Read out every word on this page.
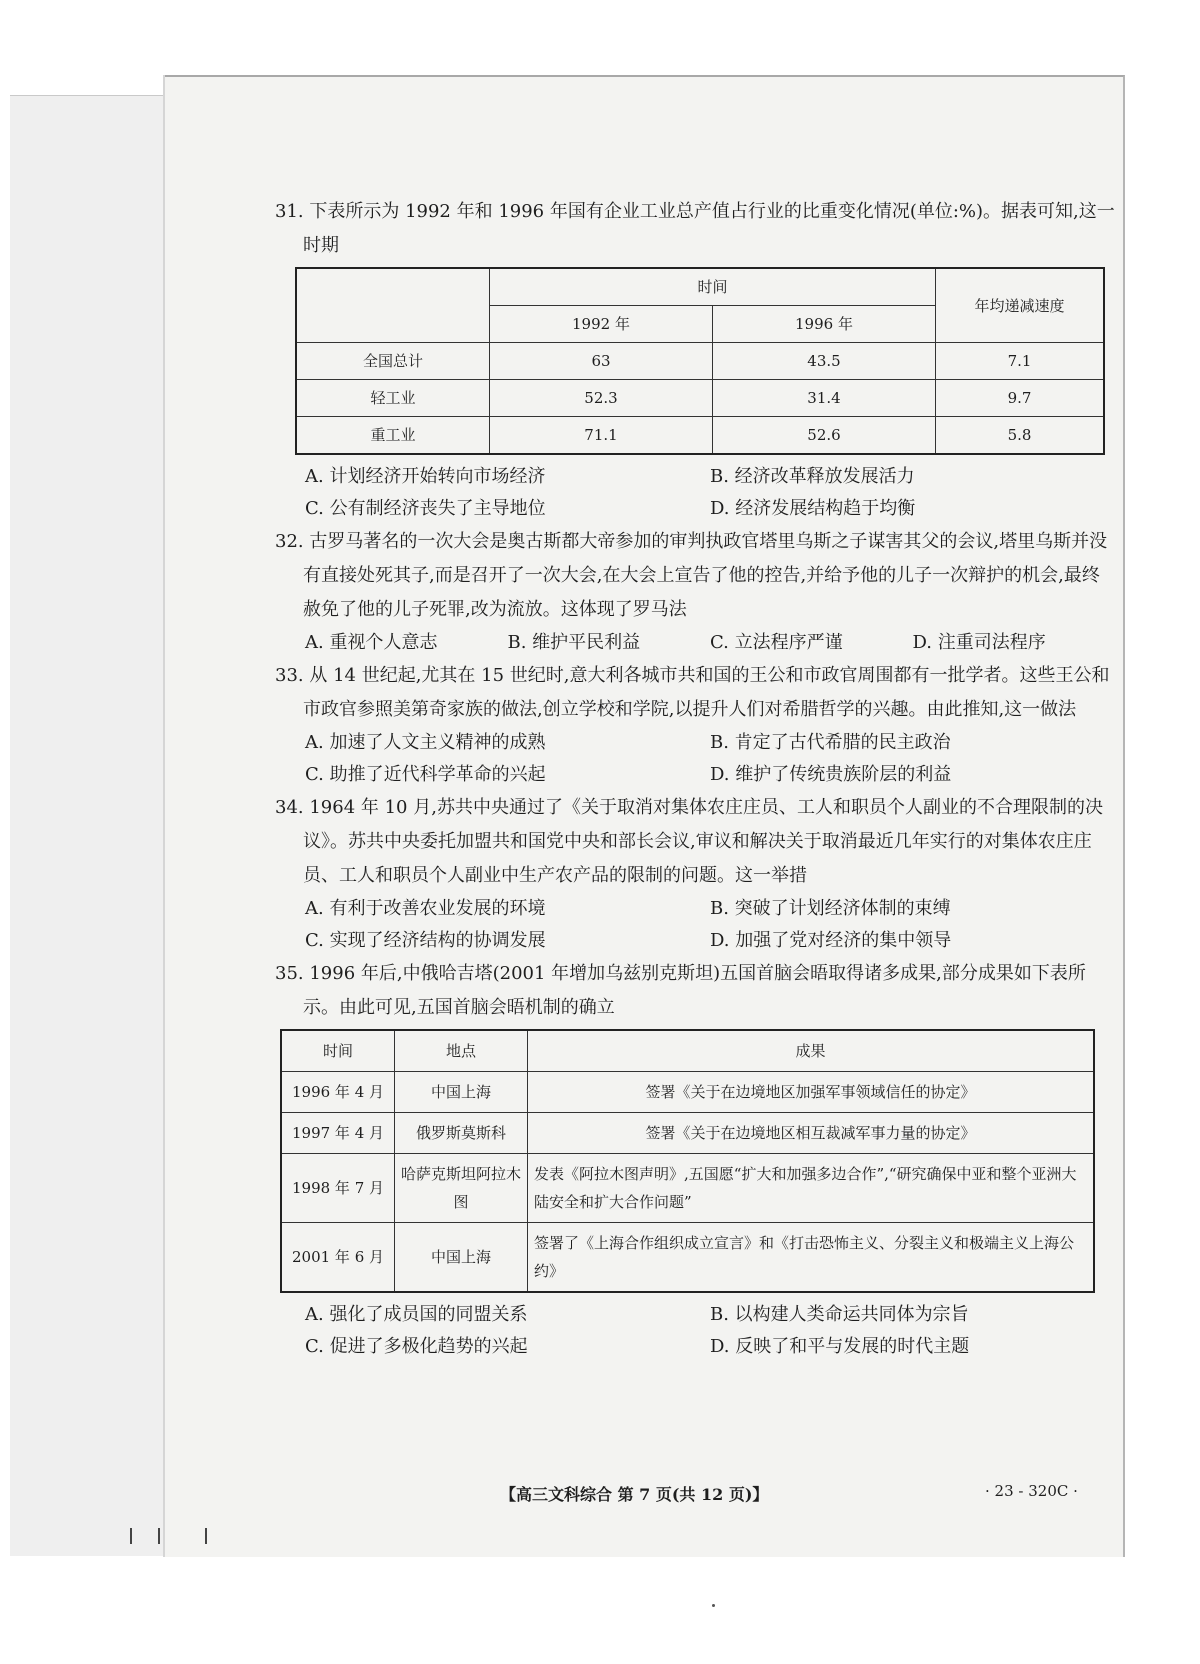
31. 下表所示为 1992 年和 1996 年国有企业工业总产值占行业的比重变化情况(单位:%)。据表可知,这一时期
	时间		年均递减速度
	1992 年	1996 年	
全国总计	63	43.5	7.1
轻工业	52.3	31.4	9.7
重工业	71.1	52.6	5.8
A. 计划经济开始转向市场经济	B. 经济改革释放发展活力
C. 公有制经济丧失了主导地位	D. 经济发展结构趋于均衡
32. 古罗马著名的一次大会是奥古斯都大帝参加的审判执政官塔里乌斯之子谋害其父的会议,塔里乌斯并没有直接处死其子,而是召开了一次大会,在大会上宣告了他的控告,并给予他的儿子一次辩护的机会,最终赦免了他的儿子死罪,改为流放。这体现了罗马法
A. 重视个人意志	B. 维护平民利益	C. 立法程序严谨	D. 注重司法程序
33. 从 14 世纪起,尤其在 15 世纪时,意大利各城市共和国的王公和市政官周围都有一批学者。这些王公和市政官参照美第奇家族的做法,创立学校和学院,以提升人们对希腊哲学的兴趣。由此推知,这一做法
A. 加速了人文主义精神的成熟	B. 肯定了古代希腊的民主政治
C. 助推了近代科学革命的兴起	D. 维护了传统贵族阶层的利益
34. 1964 年 10 月,苏共中央通过了《关于取消对集体农庄庄员、工人和职员个人副业的不合理限制的决议》。苏共中央委托加盟共和国党中央和部长会议,审议和解决关于取消最近几年实行的对集体农庄庄员、工人和职员个人副业中生产农产品的限制的问题。这一举措
A. 有利于改善农业发展的环境	B. 突破了计划经济体制的束缚
C. 实现了经济结构的协调发展	D. 加强了党对经济的集中领导
35. 1996 年后,中俄哈吉塔(2001 年增加乌兹别克斯坦)五国首脑会晤取得诸多成果,部分成果如下表所示。由此可见,五国首脑会晤机制的确立
时间	地点	成果
1996 年 4 月	中国上海	签署《关于在边境地区加强军事领域信任的协定》
1997 年 4 月	俄罗斯莫斯科	签署《关于在边境地区相互裁减军事力量的协定》
1998 年 7 月	哈萨克斯坦阿拉木图	发表《阿拉木图声明》,五国愿“扩大和加强多边合作”,“研究确保中亚和整个亚洲大陆安全和扩大合作问题”
2001 年 6 月	中国上海	签署了《上海合作组织成立宣言》和《打击恐怖主义、分裂主义和极端主义上海公约》
A. 强化了成员国的同盟关系	B. 以构建人类命运共同体为宗旨
C. 促进了多极化趋势的兴起	D. 反映了和平与发展的时代主题
【高三文科综合 第 7 页(共 12 页)】	· 23 - 320C ·
